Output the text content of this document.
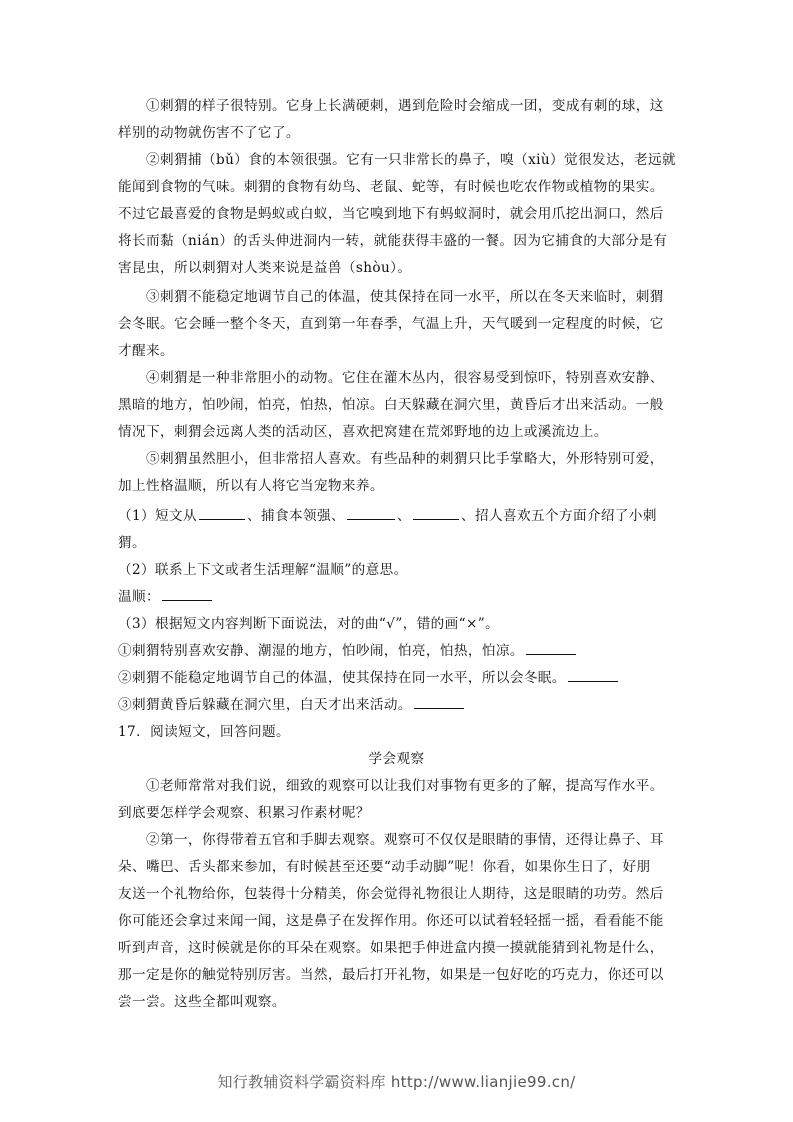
①刺猬的样子很特别。它身上长满硬刺，遇到危险时会缩成一团，变成有刺的球，这
样别的动物就伤害不了它了。
②刺猬捕（bǔ）食的本领很强。它有一只非常长的鼻子，嗅（xiù）觉很发达，老远就
能闻到食物的气味。刺猬的食物有幼鸟、老鼠、蛇等，有时候也吃农作物或植物的果实。
不过它最喜爱的食物是蚂蚁或白蚁，当它嗅到地下有蚂蚁洞时，就会用爪挖出洞口，然后
将长而黏（nián）的舌头伸进洞内一转，就能获得丰盛的一餐。因为它捕食的大部分是有
害昆虫，所以刺猬对人类来说是益兽（shòu）。
③刺猬不能稳定地调节自己的体温，使其保持在同一水平，所以在冬天来临时，刺猬
会冬眠。它会睡一整个冬天，直到第一年春季，气温上升，天气暖到一定程度的时候，它
才醒来。
④刺猬是一种非常胆小的动物。它住在灌木丛内，很容易受到惊吓，特别喜欢安静、
黑暗的地方，怕吵闹，怕亮，怕热，怕凉。白天躲藏在洞穴里，黄昏后才出来活动。一般
情况下，刺猬会远离人类的活动区，喜欢把窝建在荒郊野地的边上或溪流边上。
⑤刺猬虽然胆小，但非常招人喜欢。有些品种的刺猬只比手掌略大，外形特别可爱，
加上性格温顺，所以有人将它当宠物来养。
（1）短文从	、捕食本领强、	、	、招人喜欢五个方面介绍了小刺
猬。
（2）联系上下文或者生活理解“温顺”的意思。
温顺：
（3）根据短文内容判断下面说法，对的曲“√”，错的画“×”。
①刺猬特别喜欢安静、潮湿的地方，怕吵闹，怕亮，怕热，怕凉。
②刺猬不能稳定地调节自己的体温，使其保持在同一水平，所以会冬眠。
③刺猬黄昏后躲藏在洞穴里，白天才出来活动。
17．阅读短文，回答问题。
学会观察
①老师常常对我们说，细致的观察可以让我们对事物有更多的了解，提高写作水平。
到底要怎样学会观察、积累习作素材呢？
②第一，你得带着五官和手脚去观察。观察可不仅仅是眼睛的事情，还得让鼻子、耳
朵、嘴巴、舌头都来参加，有时候甚至还要“动手动脚”呢！你看，如果你生日了，好朋
友送一个礼物给你，包装得十分精美，你会觉得礼物很让人期待，这是眼睛的功劳。然后
你可能还会拿过来闻一闻，这是鼻子在发挥作用。你还可以试着轻轻摇一摇，看看能不能
听到声音，这时候就是你的耳朵在观察。如果把手伸进盒内摸一摸就能猜到礼物是什么，
那一定是你的触觉特别厉害。当然，最后打开礼物，如果是一包好吃的巧克力，你还可以
尝一尝。这些全都叫观察。
知行教辅资料学霸资料库 http://www.lianjie99.cn/
